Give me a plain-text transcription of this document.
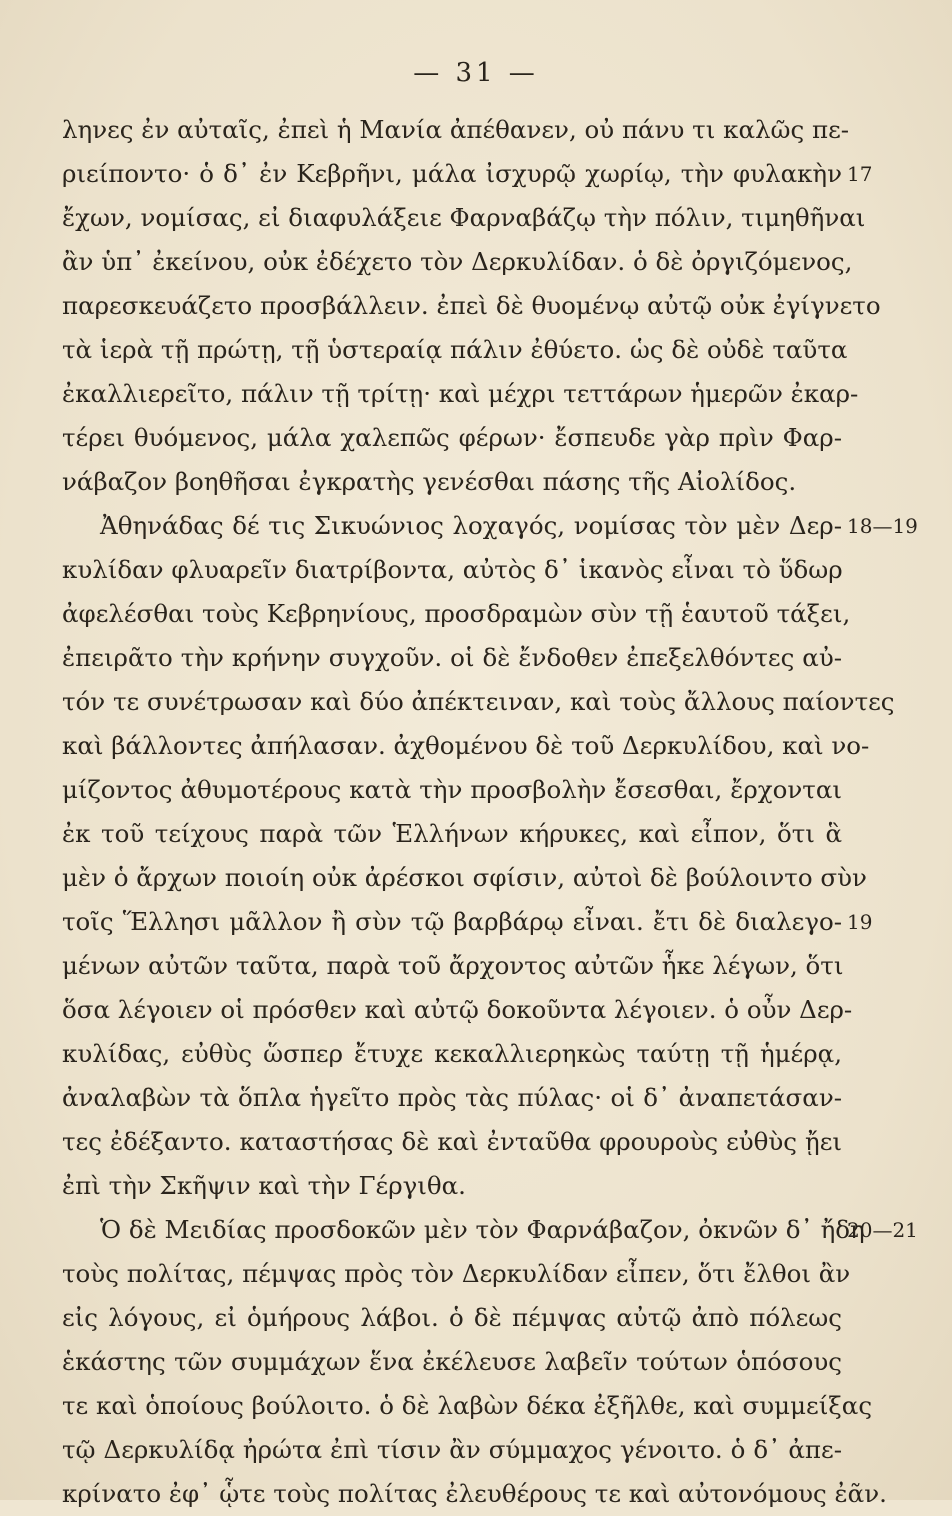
— 31 —
ληνες ἐν αὐταῖς, ἐπεὶ ἡ Μανία ἀπέθανεν, οὐ πάνυ τι καλῶς πε-
ριείποντο· ὁ δ᾽ ἐν Κεβρῆνι, μάλα ἰσχυρῷ χωρίῳ, τὴν φυλακὴν 17
ἔχων, νομίσας, εἰ διαφυλάξειε Φαρναβάζῳ τὴν πόλιν, τιμηθῆναι
ἂν ὑπ᾽ ἐκείνου, οὐκ ἐδέχετο τὸν Δερκυλίδαν. ὁ δὲ ὀργιζόμενος,
παρεσκευάζετο προσβάλλειν. ἐπεὶ δὲ θυομένῳ αὐτῷ οὐκ ἐγίγνετο
τὰ ἱερὰ τῇ πρώτῃ, τῇ ὑστεραίᾳ πάλιν ἐθύετο. ὡς δὲ οὐδὲ ταῦτα
ἐκαλλιερεῖτο, πάλιν τῇ τρίτῃ· καὶ μέχρι τεττάρων ἡμερῶν ἐκαρ-
τέρει θυόμενος, μάλα χαλεπῶς φέρων· ἔσπευδε γὰρ πρὶν Φαρ-
νάβαζον βοηθῆσαι ἐγκρατὴς γενέσθαι πάσης τῆς Αἰολίδος.
Ἀθηνάδας δέ τις Σικυώνιος λοχαγός, νομίσας τὸν μὲν Δερ- 18—19
κυλίδαν φλυαρεῖν διατρίβοντα, αὐτὸς δ᾽ ἱκανὸς εἶναι τὸ ὕδωρ
ἀφελέσθαι τοὺς Κεβρηνίους, προσδραμὼν σὺν τῇ ἑαυτοῦ τάξει,
ἐπειρᾶτο τὴν κρήνην συγχοῦν. οἱ δὲ ἔνδοθεν ἐπεξελθόντες αὐ-
τόν τε συνέτρωσαν καὶ δύο ἀπέκτειναν, καὶ τοὺς ἄλλους παίοντες
καὶ βάλλοντες ἀπήλασαν. ἀχθομένου δὲ τοῦ Δερκυλίδου, καὶ νο-
μίζοντος ἀθυμοτέρους κατὰ τὴν προσβολὴν ἔσεσθαι, ἔρχονται
ἐκ τοῦ τείχους παρὰ τῶν Ἑλλήνων κήρυκες, καὶ εἶπον, ὅτι ἃ
μὲν ὁ ἄρχων ποιοίη οὐκ ἀρέσκοι σφίσιν, αὐτοὶ δὲ βούλοιντο σὺν
τοῖς Ἕλλησι μᾶλλον ἢ σὺν τῷ βαρβάρῳ εἶναι. ἔτι δὲ διαλεγο- 19
μένων αὐτῶν ταῦτα, παρὰ τοῦ ἄρχοντος αὐτῶν ἧκε λέγων, ὅτι
ὅσα λέγοιεν οἱ πρόσθεν καὶ αὐτῷ δοκοῦντα λέγοιεν. ὁ οὖν Δερ-
κυλίδας, εὐθὺς ὥσπερ ἔτυχε κεκαλλιερηκὼς ταύτῃ τῇ ἡμέρᾳ,
ἀναλαβὼν τὰ ὅπλα ἡγεῖτο πρὸς τὰς πύλας· οἱ δ᾽ ἀναπετάσαν-
τες ἐδέξαντο. καταστήσας δὲ καὶ ἐνταῦθα φρουροὺς εὐθὺς ᾔει
ἐπὶ τὴν Σκῆψιν καὶ τὴν Γέργιθα.
Ὁ δὲ Μειδίας προσδοκῶν μὲν τὸν Φαρνάβαζον, ὀκνῶν δ᾽ ἤδη
20—21
τοὺς πολίτας, πέμψας πρὸς τὸν Δερκυλίδαν εἶπεν, ὅτι ἔλθοι ἂν
εἰς λόγους, εἰ ὁμήρους λάβοι. ὁ δὲ πέμψας αὐτῷ ἀπὸ πόλεως
ἑκάστης τῶν συμμάχων ἕνα ἐκέλευσε λαβεῖν τούτων ὁπόσους
τε καὶ ὁποίους βούλοιτο. ὁ δὲ λαβὼν δέκα ἐξῆλθε, καὶ συμμείξας
τῷ Δερκυλίδᾳ ἠρώτα ἐπὶ τίσιν ἂν σύμμαχος γένοιτο. ὁ δ᾽ ἀπε-
κρίνατο ἐφ᾽ ᾧτε τοὺς πολίτας ἐλευθέρους τε καὶ αὐτονόμους ἐᾶν.
